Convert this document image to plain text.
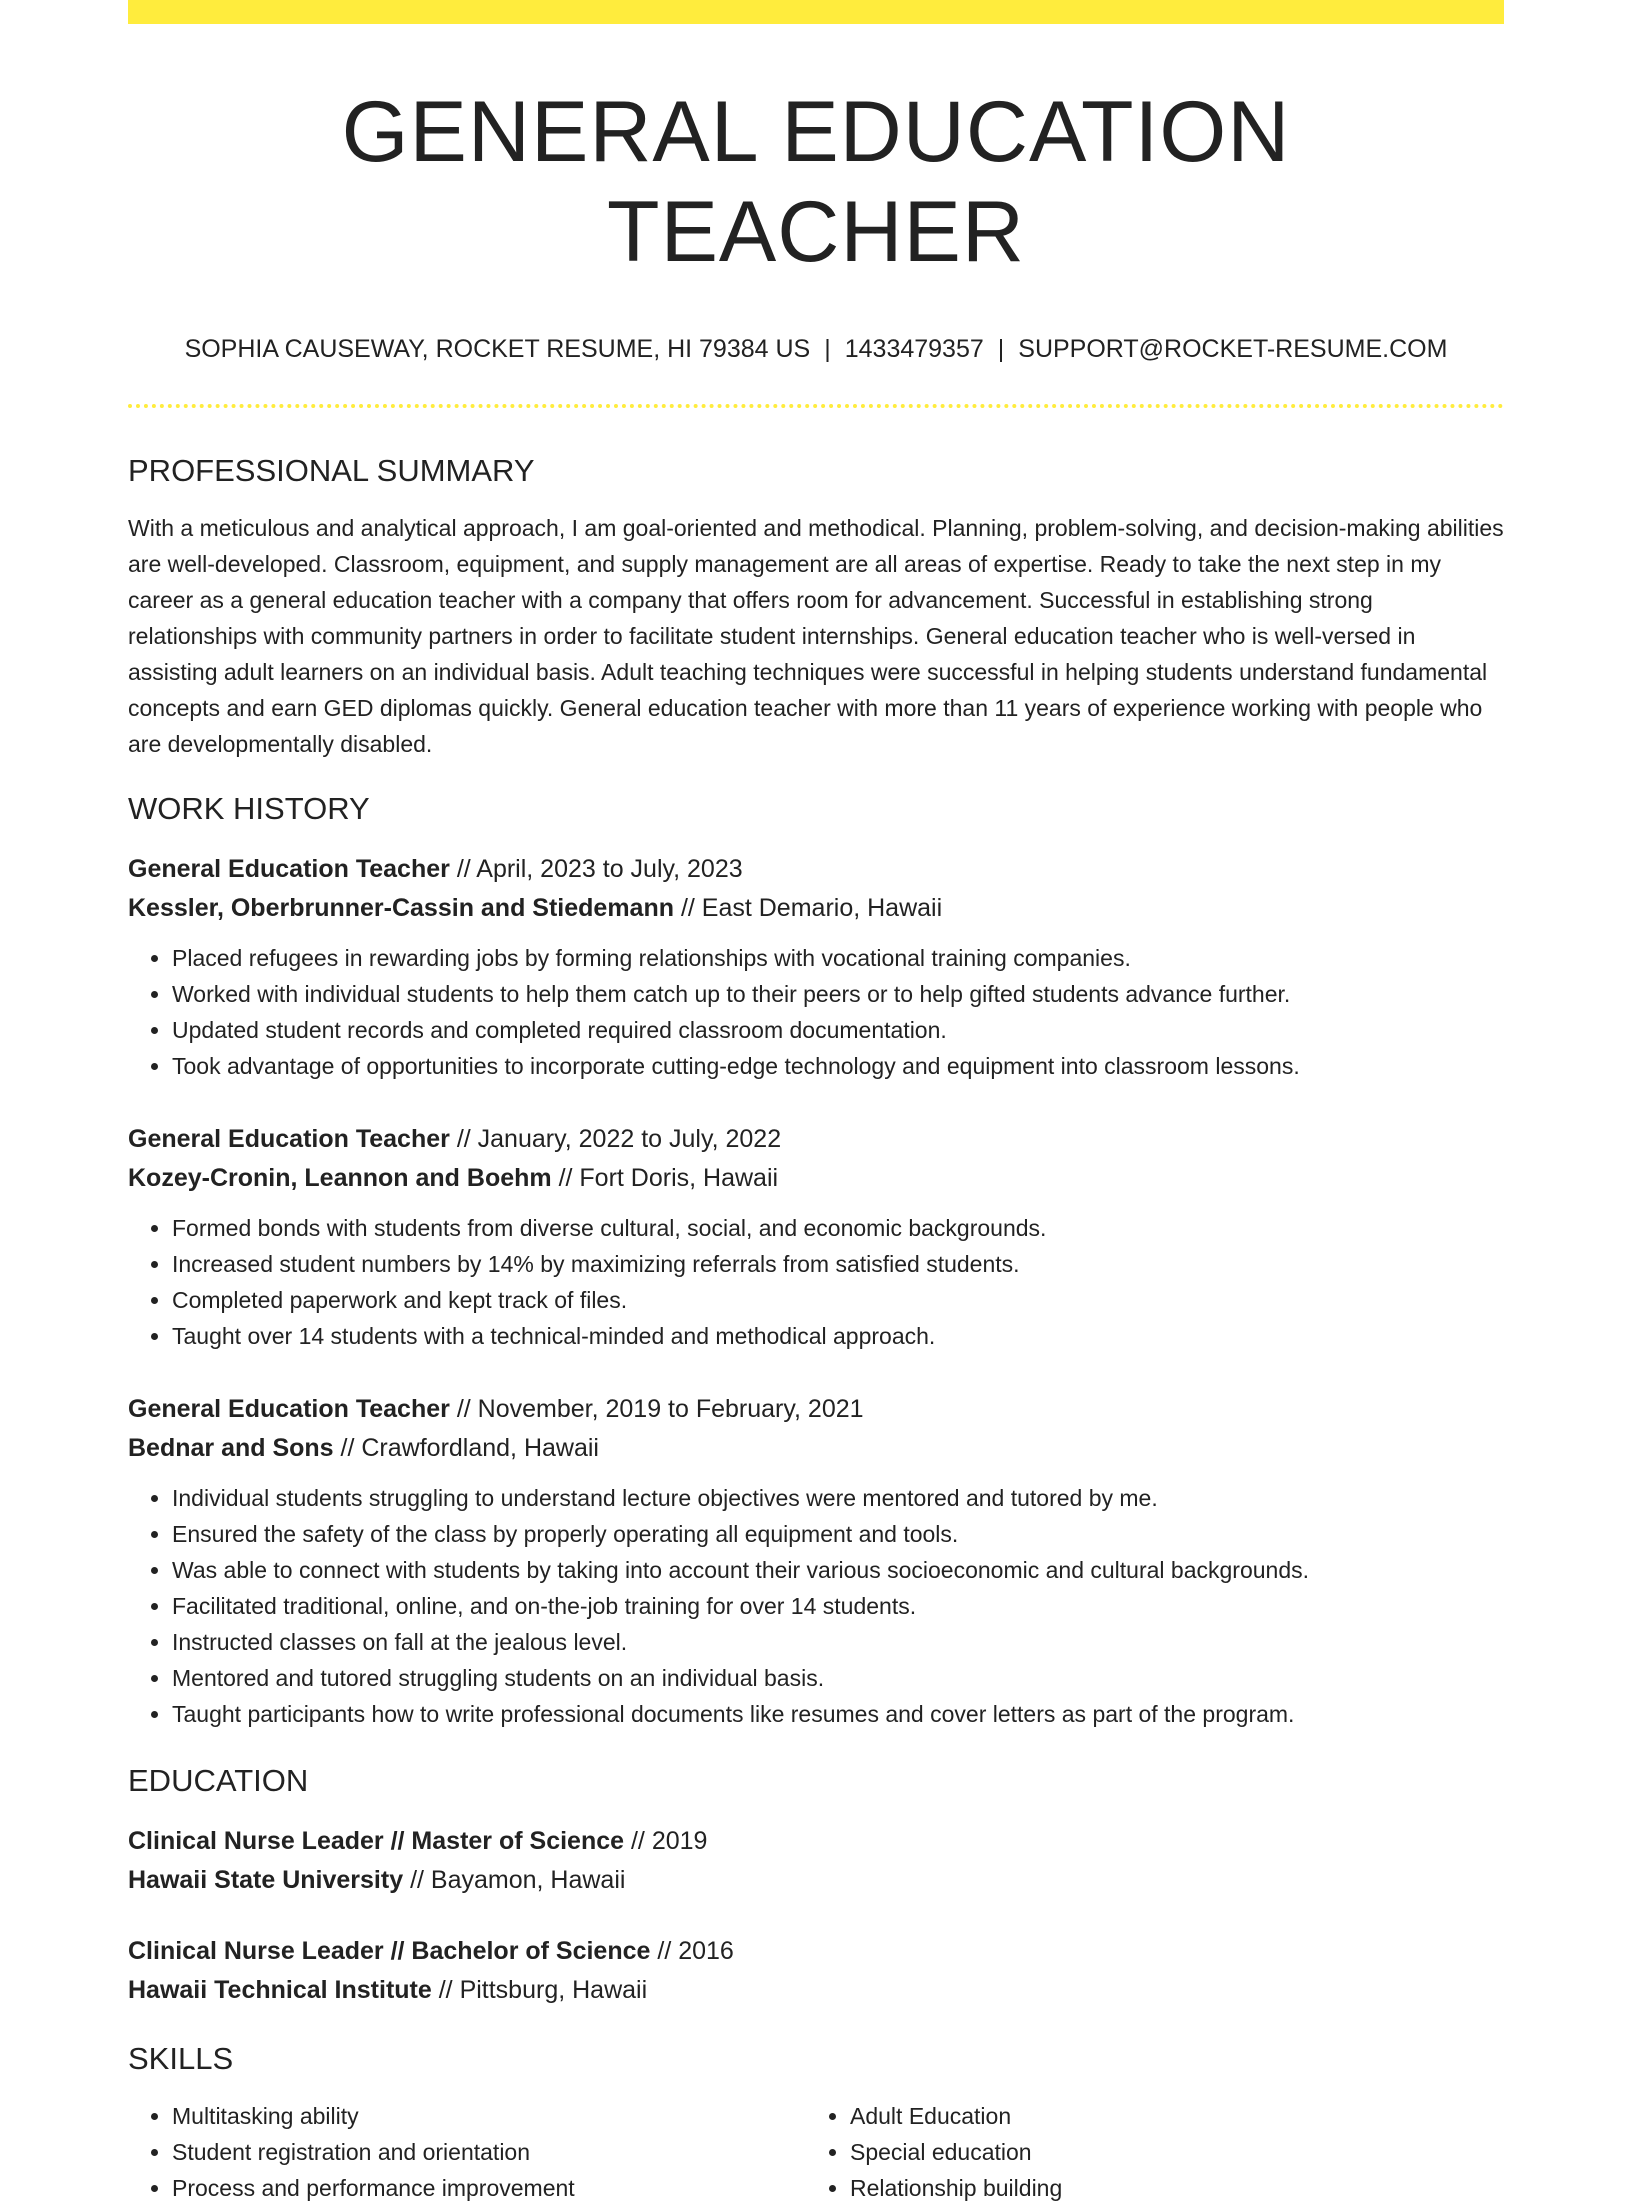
GENERAL EDUCATION TEACHER
SOPHIA CAUSEWAY, ROCKET RESUME, HI 79384 US | 1433479357 | SUPPORT@ROCKET-RESUME.COM
PROFESSIONAL SUMMARY
With a meticulous and analytical approach, I am goal-oriented and methodical. Planning, problem-solving, and decision-making abilities are well-developed. Classroom, equipment, and supply management are all areas of expertise. Ready to take the next step in my career as a general education teacher with a company that offers room for advancement. Successful in establishing strong relationships with community partners in order to facilitate student internships. General education teacher who is well-versed in assisting adult learners on an individual basis. Adult teaching techniques were successful in helping students understand fundamental concepts and earn GED diplomas quickly. General education teacher with more than 11 years of experience working with people who are developmentally disabled.
WORK HISTORY
General Education Teacher // April, 2023 to July, 2023
Kessler, Oberbrunner-Cassin and Stiedemann // East Demario, Hawaii
• Placed refugees in rewarding jobs by forming relationships with vocational training companies.
• Worked with individual students to help them catch up to their peers or to help gifted students advance further.
• Updated student records and completed required classroom documentation.
• Took advantage of opportunities to incorporate cutting-edge technology and equipment into classroom lessons.
General Education Teacher // January, 2022 to July, 2022
Kozey-Cronin, Leannon and Boehm // Fort Doris, Hawaii
• Formed bonds with students from diverse cultural, social, and economic backgrounds.
• Increased student numbers by 14% by maximizing referrals from satisfied students.
• Completed paperwork and kept track of files.
• Taught over 14 students with a technical-minded and methodical approach.
General Education Teacher // November, 2019 to February, 2021
Bednar and Sons // Crawfordland, Hawaii
• Individual students struggling to understand lecture objectives were mentored and tutored by me.
• Ensured the safety of the class by properly operating all equipment and tools.
• Was able to connect with students by taking into account their various socioeconomic and cultural backgrounds.
• Facilitated traditional, online, and on-the-job training for over 14 students.
• Instructed classes on fall at the jealous level.
• Mentored and tutored struggling students on an individual basis.
• Taught participants how to write professional documents like resumes and cover letters as part of the program.
EDUCATION
Clinical Nurse Leader // Master of Science // 2019
Hawaii State University // Bayamon, Hawaii
Clinical Nurse Leader // Bachelor of Science // 2016
Hawaii Technical Institute // Pittsburg, Hawaii
SKILLS
• Multitasking ability
• Student registration and orientation
• Process and performance improvement
• Adult Education
• Special education
• Relationship building
